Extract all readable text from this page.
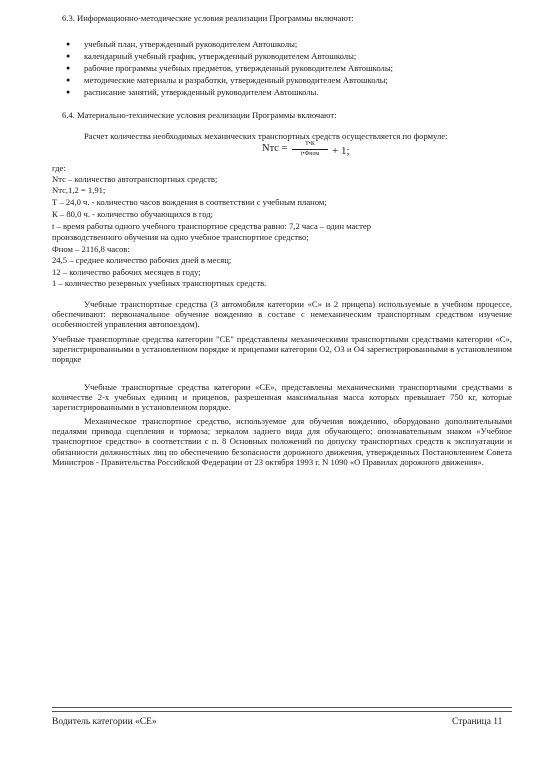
6.3. Информационно-методические условия реализации Программы включают:
● учебный план, утвержденный руководителем Автошколы;
● календарный учебный график, утвержденный руководителем Автошколы;
● рабочие программы учебных предметов, утвержденный руководителем Автошколы;
● методические материалы и разработки, утвержденный руководителем Автошколы;
● расписание занятий, утвержденный руководителем Автошколы.
6.4. Материально-технические условия реализации Программы включают:
Расчет количества необходимых механических транспортных средств осуществляется по формуле:
Nтс =	Т•К
t•Фном	+ 1;
где:
Nтс – количество автотранспортных средств;
Nтс,1,2 = 1,91;
Т – 24,0 ч. - количество часов вождения в соответствии с учебным планом;
К – 80,0 ч. - количество обучающихся в год;
t – время работы одного учебного транспортное средства равно: 7,2 часа – один мастер
производственного обучения на одно учебное транспортное средство;
Фном – 2116,8 часов:
24,5 – среднее количество рабочих дней в месяц;
12 – количество рабочих месяцев в году;
1 – количество резервных учебных транспортных средств.
Учебные транспортные средства (3 автомобиля категории «С» и 2 прицепа) используемые в учебном процессе, обеспечивают: первоначальное обучение вождению в составе с немеханическим транспортным средством изучение особенностей управления автопоездом).
Учебные транспортные средства категории "СЕ" представлены механическими транспортными средствами категории «С», зарегистрированными в установленном порядке и прицепами категории О2, О3 и О4 зарегистрированными в установленном порядке
Учебные транспортные средства категории «СЕ», представлены механическими транспортными средствами в количестве 2-х учебных единиц и прицепов, разрешенная максимальная масса которых превышает 750 кг, которые зарегистрированными в установленном порядке.
Механическое транспортное средство, используемое для обучения вождению, оборудовано дополнительными педалями привода сцепления и тормоза; зеркалом заднего вида для обучающего; опознавательным знаком «Учебное транспортное средство» в соответствии с п. 8 Основных положений по допуску транспортных средств к эксплуатации и обязанности должностных лиц по обеспечению безопасности дорожного движения, утвержденных Постановлением Совета Министров - Правительства Российской Федерации от 23 октября 1993 г. N 1090 «О Правилах дорожного движения».
Водитель категории «СЕ»	Страница 11
